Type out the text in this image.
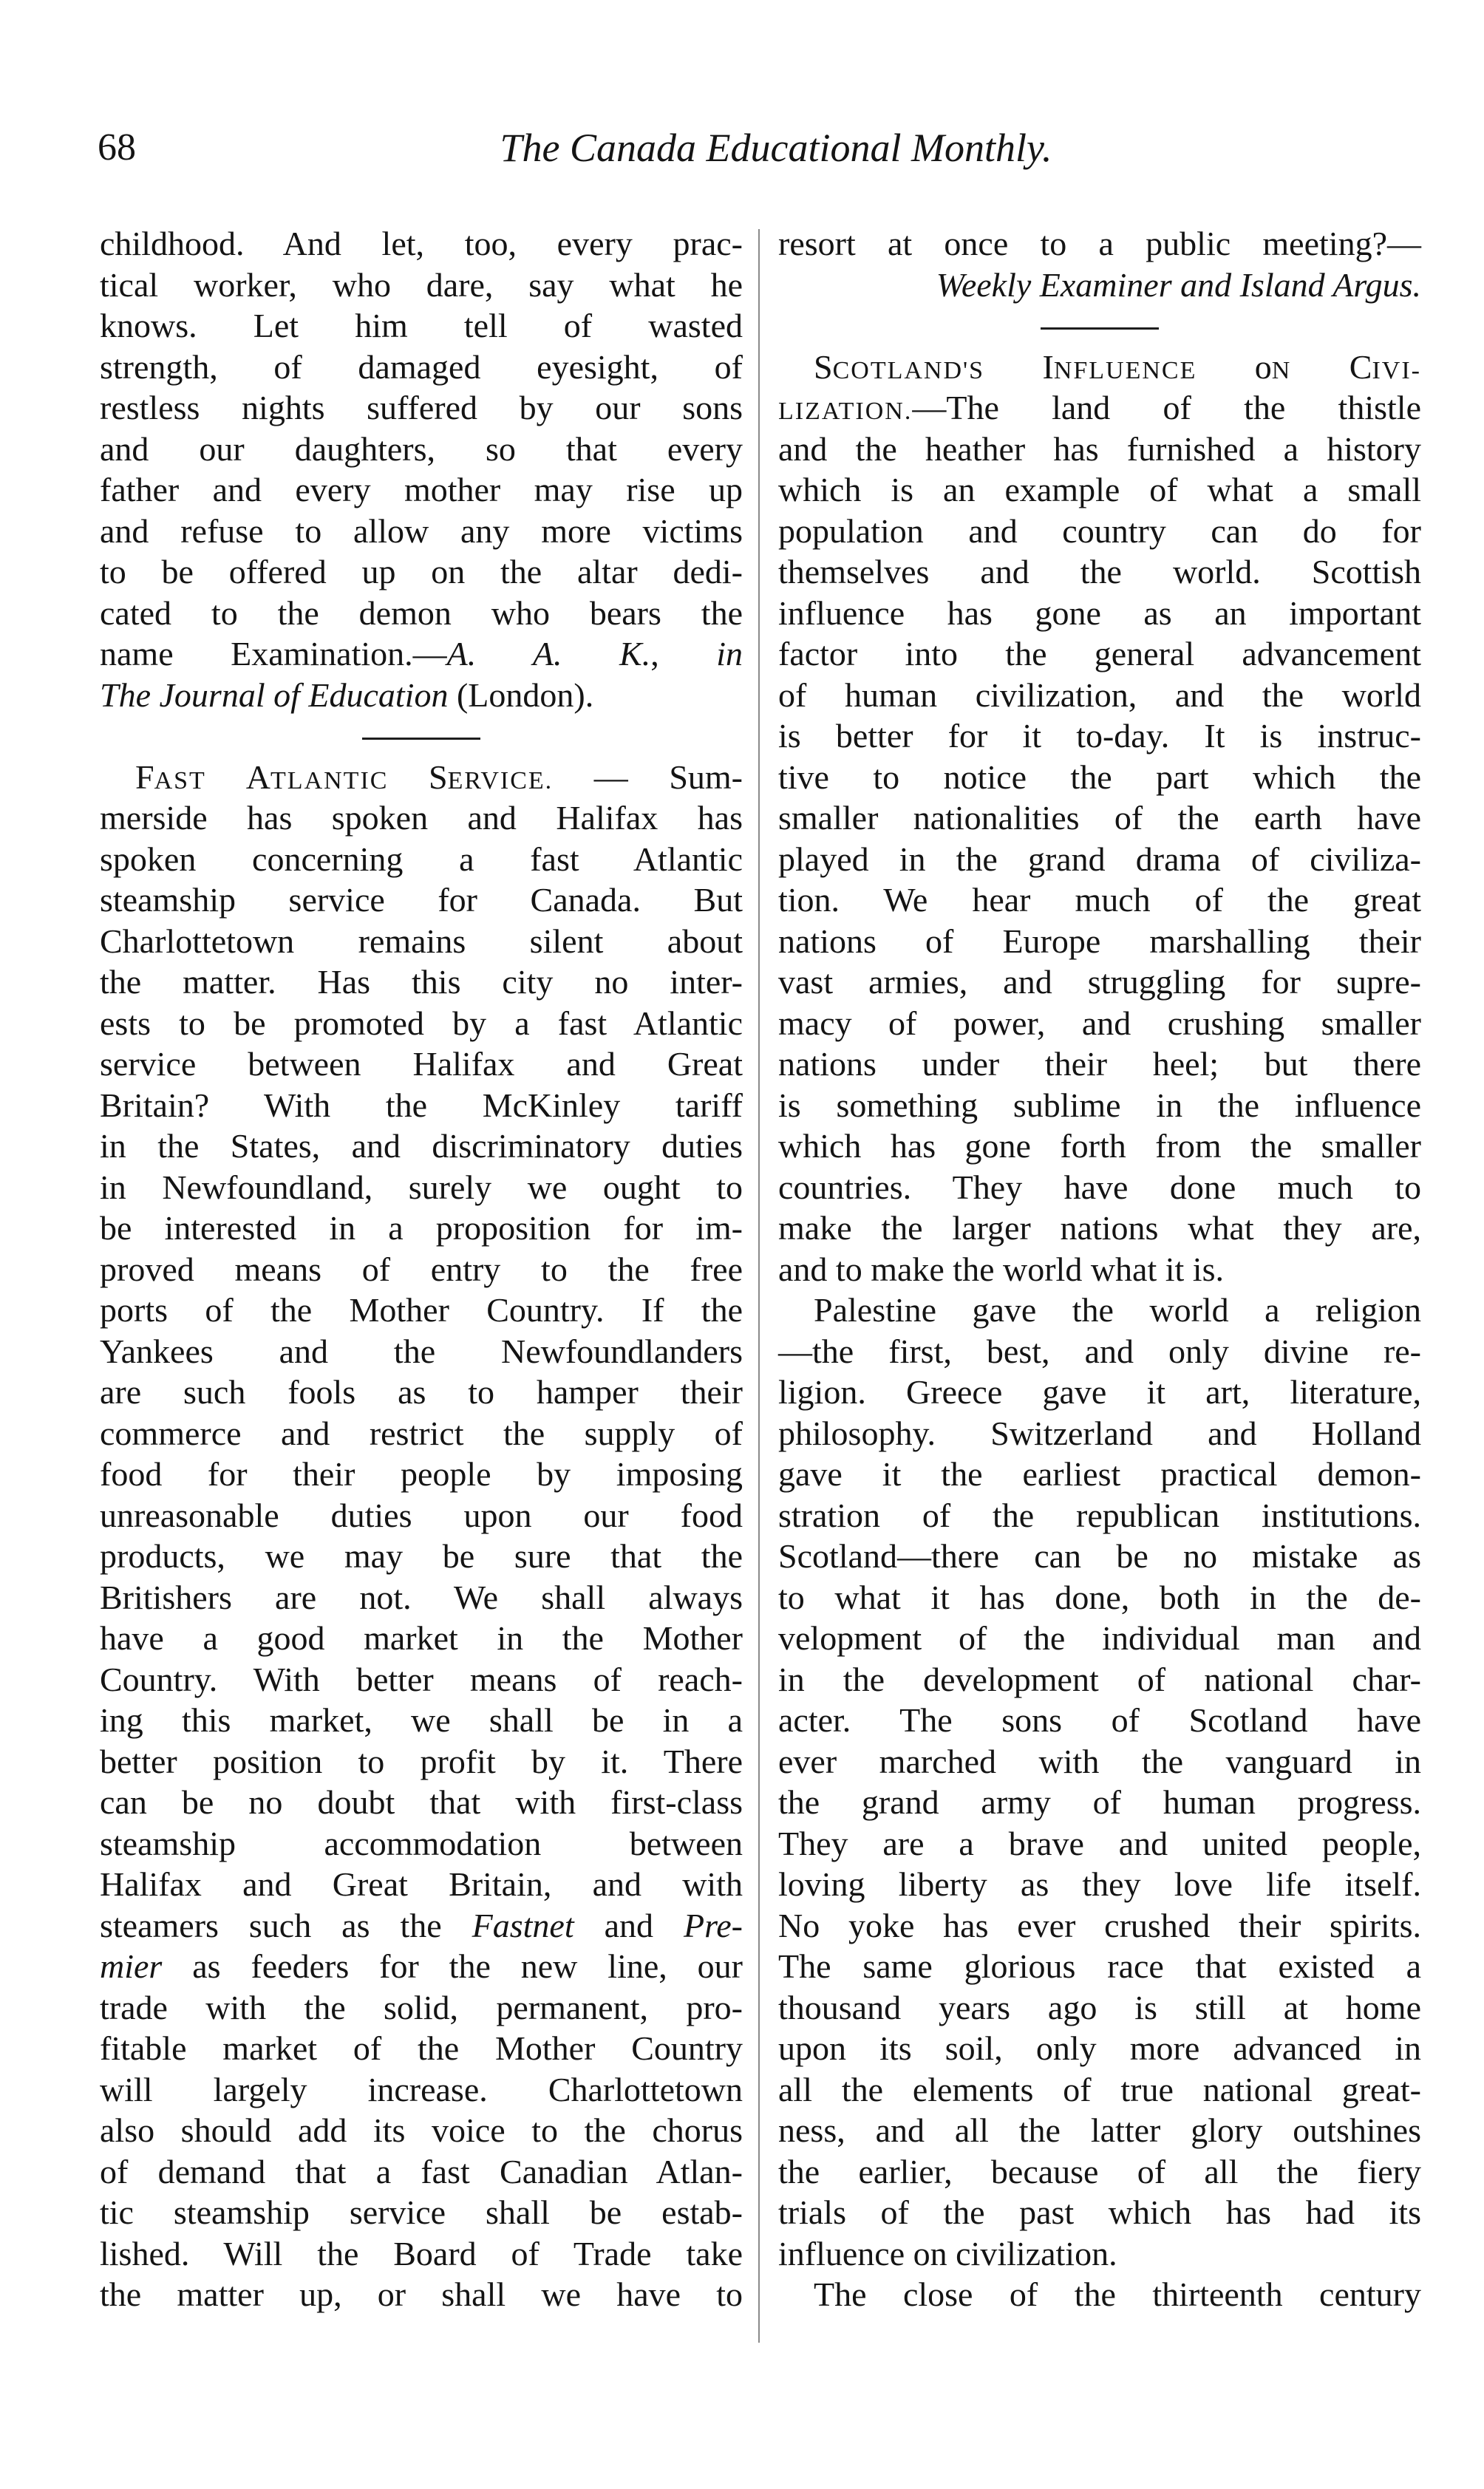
68	The Canada Educational Monthly.
childhood. And let, too, every prac-
tical worker, who dare, say what he
knows. Let him tell of wasted
strength, of damaged eyesight, of
restless nights suffered by our sons
and our daughters, so that every
father and every mother may rise up
and refuse to allow any more victims
to be offered up on the altar dedi-
cated to the demon who bears the
name Examination.—A. A. K., in
The Journal of Education (London).
FAST ATLANTIC SERVICE. — Sum-
merside has spoken and Halifax has
spoken concerning a fast Atlantic
steamship service for Canada. But
Charlottetown remains silent about
the matter. Has this city no inter-
ests to be promoted by a fast Atlantic
service between Halifax and Great
Britain? With the McKinley tariff
in the States, and discriminatory duties
in Newfoundland, surely we ought to
be interested in a proposition for im-
proved means of entry to the free
ports of the Mother Country. If the
Yankees and the Newfoundlanders
are such fools as to hamper their
commerce and restrict the supply of
food for their people by imposing
unreasonable duties upon our food
products, we may be sure that the
Britishers are not. We shall always
have a good market in the Mother
Country. With better means of reach-
ing this market, we shall be in a
better position to profit by it. There
can be no doubt that with first-class
steamship accommodation between
Halifax and Great Britain, and with
steamers such as the Fastnet and Pre-
mier as feeders for the new line, our
trade with the solid, permanent, pro-
fitable market of the Mother Country
will largely increase. Charlottetown
also should add its voice to the chorus
of demand that a fast Canadian Atlan-
tic steamship service shall be estab-
lished. Will the Board of Trade take
the matter up, or shall we have to
resort at once to a public meeting?—
Weekly Examiner and Island Argus.
SCOTLAND'S INFLUENCE oN CIVI-
LIZATION.—The land of the thistle
and the heather has furnished a history
which is an example of what a small
population and country can do for
themselves and the world. Scottish
influence has gone as an important
factor into the general advancement
of human civilization, and the world
is better for it to-day. It is instruc-
tive to notice the part which the
smaller nationalities of the earth have
played in the grand drama of civiliza-
tion. We hear much of the great
nations of Europe marshalling their
vast armies, and struggling for supre-
macy of power, and crushing smaller
nations under their heel; but there
is something sublime in the influence
which has gone forth from the smaller
countries. They have done much to
make the larger nations what they are,
and to make the world what it is.
Palestine gave the world a religion
—the first, best, and only divine re-
ligion. Greece gave it art, literature,
philosophy. Switzerland and Holland
gave it the earliest practical demon-
stration of the republican institutions.
Scotland—there can be no mistake as
to what it has done, both in the de-
velopment of the individual man and
in the development of national char-
acter. The sons of Scotland have
ever marched with the vanguard in
the grand army of human progress.
They are a brave and united people,
loving liberty as they love life itself.
No yoke has ever crushed their spirits.
The same glorious race that existed a
thousand years ago is still at home
upon its soil, only more advanced in
all the elements of true national great-
ness, and all the latter glory outshines
the earlier, because of all the fiery
trials of the past which has had its
influence on civilization.
The close of the thirteenth century
